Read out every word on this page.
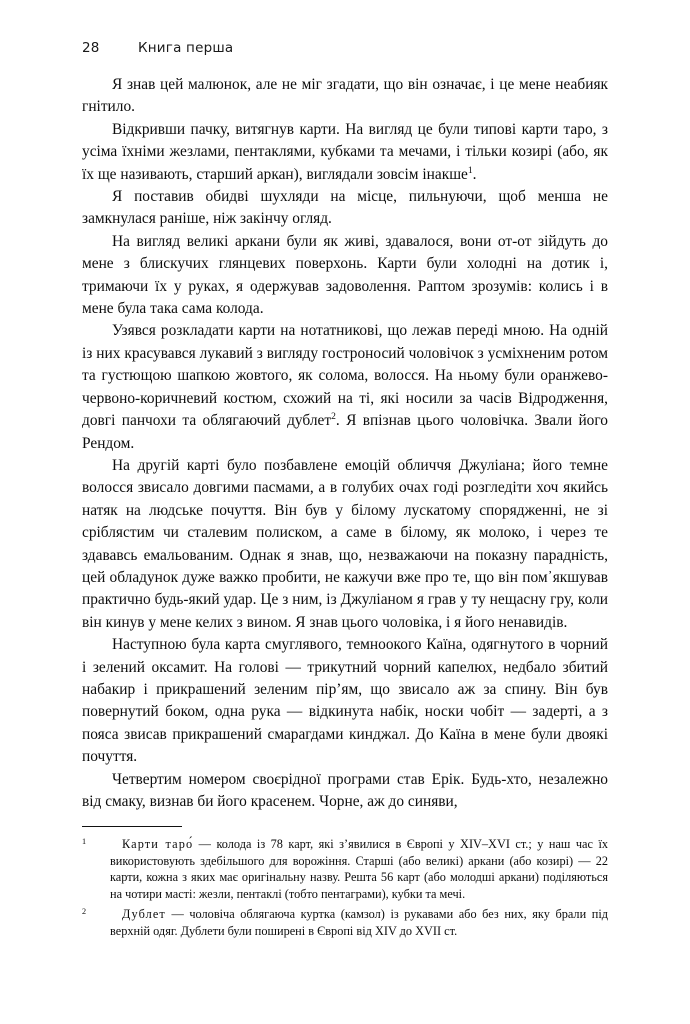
28	Книга перша

Я знав цей малюнок, але не міг згадати, що він означає, і це мене неабияк гнітило.

Відкривши пачку, витягнув карти. На вигляд це були типові карти таро, з усіма їхніми жезлами, пентаклями, кубками та мечами, і тільки козирі (або, як їх ще називають, старший аркан), виглядали зовсім інакше$^1$.

Я поставив обидві шухляди на місце, пильнуючи, щоб менша не замкнулася раніше, ніж закінчу огляд.

На вигляд великі аркани були як живі, здавалося, вони от-от зійдуть до мене з блискучих глянцевих поверхонь. Карти були холодні на дотик і, тримаючи їх у руках, я одержував задоволення. Раптом зрозумів: колись і в мене була така сама колода.

Узявся розкладати карти на нотатникові, що лежав переді мною. На одній із них красувався лукавий з вигляду гостроносий чоловічок з усміхненим ротом та густющою шапкою жовтого, як солома, волосся. На ньому були оранжево-червоно-коричневий костюм, схожий на ті, які носили за часів Відродження, довгі панчохи та облягаючий дублет$^2$. Я впізнав цього чоловічка. Звали його Рендом.

На другій карті було позбавлене емоцій обличчя Джуліана; його темне волосся звисало довгими пасмами, а в голубих очах годі розгледіти хоч якийсь натяк на людське почуття. Він був у білому лускатому спорядженні, не зі сріблястим чи сталевим полиском, а саме в білому, як молоко, і через те здававсь емальованим. Однак я знав, що, незважаючи на показну парадність, цей обладунок дуже важко пробити, не кажучи вже про те, що він пом᾿якшував практично будь-який удар. Це з ним, із Джуліаном я грав у ту нещасну гру, коли він кинув у мене келих з вином. Я знав цього чоловіка, і я його ненавидів.

Наступною була карта смуглявого, темноокого Каїна, одягнутого в чорний і зелений оксамит. На голові — трикутний чорний капелюх, недбало збитий набакир і прикрашений зеленим пір’ям, що звисало аж за спину. Він був повернутий боком, одна рука — відкинута набік, носки чобіт — задерті, а з пояса звисав прикрашений смарагдами кинджал. До Каїна в мене були двоякі почуття.

Четвертим номером своєрідної програми став Ерік. Будь-хто, незалежно від смаку, визнав би його красенем. Чорне, аж до синяви,

1	Карти таро́ — колода із 78 карт, які з’явилися в Європі у XIV–XVI ст.; у наш час їх використовують здебільшого для ворожіння. Старші (або великі) аркани (або козирі) — 22 карти, кожна з яких має оригінальну назву. Решта 56 карт (або молодші аркани) поділяються на чотири масті: жезли, пентаклі (тобто пентаграми), кубки та мечі.
2	Дублет — чоловіча облягаюча куртка (камзол) із рукавами або без них, яку брали під верхній одяг. Дублети були поширені в Європі від XIV до XVII ст.
